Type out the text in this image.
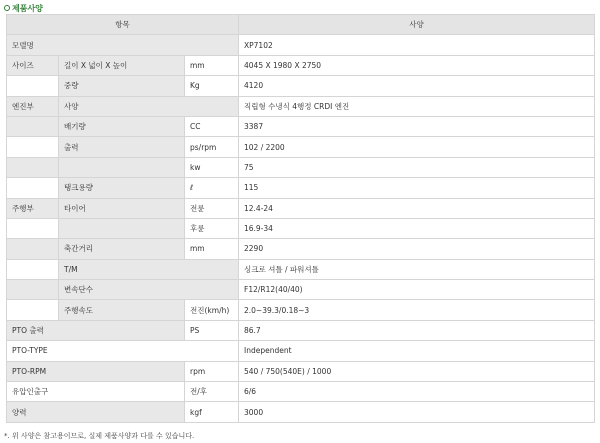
제품사양
항목			사양
모델명			XP7102
사이즈	길이 X 넓이 X 높이	mm	4045 X 1980 X 2750
	중량	Kg	4120
엔진부	사양		직립형 수냉식 4행정 CRDI 엔진
	배기량	CC	3387
	출력	ps/rpm	102 / 2200
		kw	75
	탱크용량	ℓ	115
주행부	타이어	전륜	12.4-24
		후륜	16.9-34
	축간거리	mm	2290
	T/M		싱크로 셔틀 / 파워셔틀
	변속단수		F12/R12(40/40)
	주행속도	전진(km/h)	2.0~39.3/0.18~3
PTO 출력		PS	86.7
PTO-TYPE			Independent
PTO-RPM		rpm	540 / 750(540E) / 1000
유압인출구		전/후	6/6
양력		kgf	3000
*. 위 사양은 참고용이므로, 실제 제품사양과 다를 수 있습니다.
